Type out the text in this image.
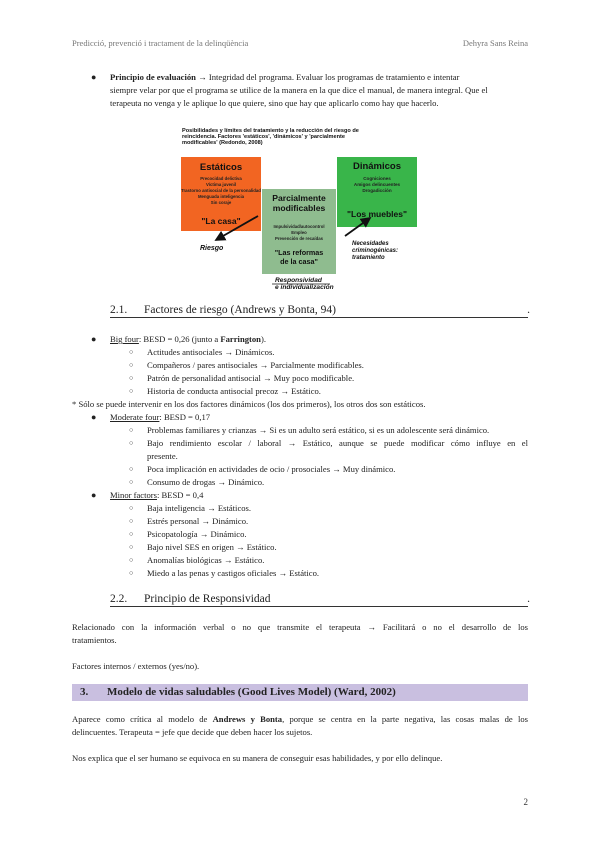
Predicció, prevenció i tractament de la delinqüència	Dehyra Sans Reina
● Principio de evaluación → Integridad del programa. Evaluar los programas de tratamiento e intentar
siempre velar por que el programa se utilice de la manera en la que dice el manual, de manera integral. Que el
terapeuta no venga y le aplique lo que quiere, sino que hay que aplicarlo como hay que hacerlo.
Posibilidades y límites del tratamiento y la reducción del riesgo de
reincidencia. Factores 'estáticos', 'dinámicos' y 'parcialmente
modificables' (Redondo, 2008)
Estáticos
Precocidad delictiva
Víctima juvenil
Trastorno antisocial de la personalidad
Menguada inteligencia
Sin coraje
"La casa"
Dinámicos
Cogniciones
Amigos delincuentes
Drogadicción
"Los muebles"
Parcialmente
modificables
Impulsividad/autocontrol
Empleo
Prevención de recaídas
"Las reformas
de la casa"
Riesgo
Necesidades
criminogénicas:
tratamiento
Responsividad
e individualización
2.1. Factores de riesgo (Andrews y Bonta, 94)	.
● Big four: BESD = 0,26 (junto a Farrington).
○ Actitudes antisociales → Dinámicos.
○ Compañeros / pares antisociales → Parcialmente modificables.
○ Patrón de personalidad antisocial → Muy poco modificable.
○ Historia de conducta antisocial precoz → Estático.
* Sólo se puede intervenir en los dos factores dinámicos (los dos primeros), los otros dos son estáticos.
● Moderate four: BESD = 0,17
○ Problemas familiares y crianzas → Si es un adulto será estático, si es un adolescente será dinámico.
○ Bajo rendimiento escolar / laboral → Estático, aunque se puede modificar cómo influye en el
presente.
○ Poca implicación en actividades de ocio / prosociales → Muy dinámico.
○ Consumo de drogas → Dinámico.
● Minor factors: BESD = 0,4
○ Baja inteligencia → Estáticos.
○ Estrés personal → Dinámico.
○ Psicopatología → Dinámico.
○ Bajo nivel SES en origen → Estático.
○ Anomalías biológicas → Estático.
○ Miedo a las penas y castigos oficiales → Estático.
2.2. Principio de Responsividad	.
Relacionado con la información verbal o no que transmite el terapeuta → Facilitará o no el desarrollo de los
tratamientos.
Factores internos / externos (yes/no).
3. Modelo de vidas saludables (Good Lives Model) (Ward, 2002)
Aparece como crítica al modelo de Andrews y Bonta, porque se centra en la parte negativa, las cosas malas de los
delincuentes. Terapeuta = jefe que decide que deben hacer los sujetos.
Nos explica que el ser humano se equivoca en su manera de conseguir esas habilidades, y por ello delinque.
2
